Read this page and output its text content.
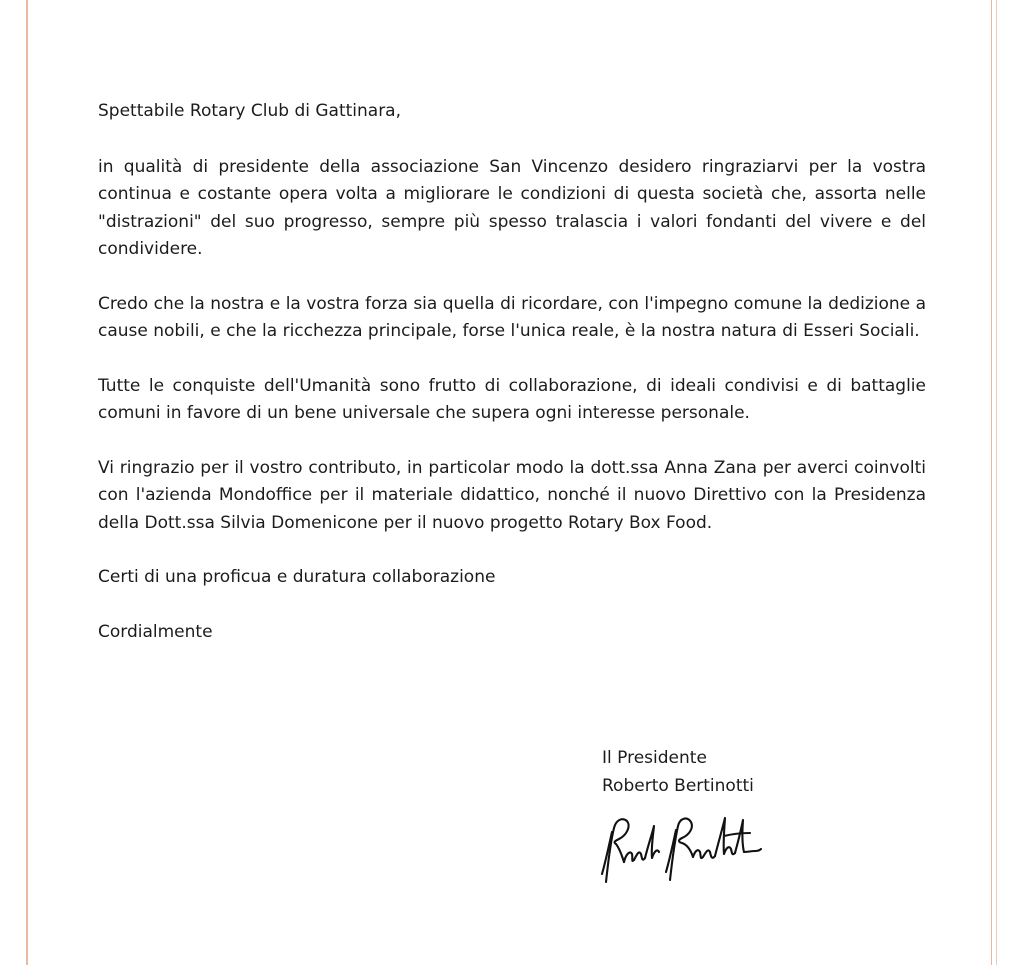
Spettabile Rotary Club di Gattinara,

in qualità di presidente della associazione San Vincenzo desidero ringraziarvi per la vostra continua e costante opera volta a migliorare le condizioni di questa società che, assorta nelle "distrazioni" del suo progresso, sempre più spesso tralascia i valori fondanti del vivere e del condividere.

Credo che la nostra e la vostra forza sia quella di ricordare, con l'impegno comune la dedizione a cause nobili, e che la ricchezza principale, forse l'unica reale, è la nostra natura di Esseri Sociali.

Tutte le conquiste dell'Umanità sono frutto di collaborazione, di ideali condivisi e di battaglie comuni in favore di un bene universale che supera ogni interesse personale.

Vi ringrazio per il vostro contributo, in particolar modo la dott.ssa Anna Zana per averci coinvolti con l'azienda Mondoffice per il materiale didattico, nonché il nuovo Direttivo con la Presidenza della Dott.ssa Silvia Domenicone per il nuovo progetto Rotary Box Food.

Certi di una proficua e duratura collaborazione

Cordialmente

Il Presidente
Roberto Bertinotti
